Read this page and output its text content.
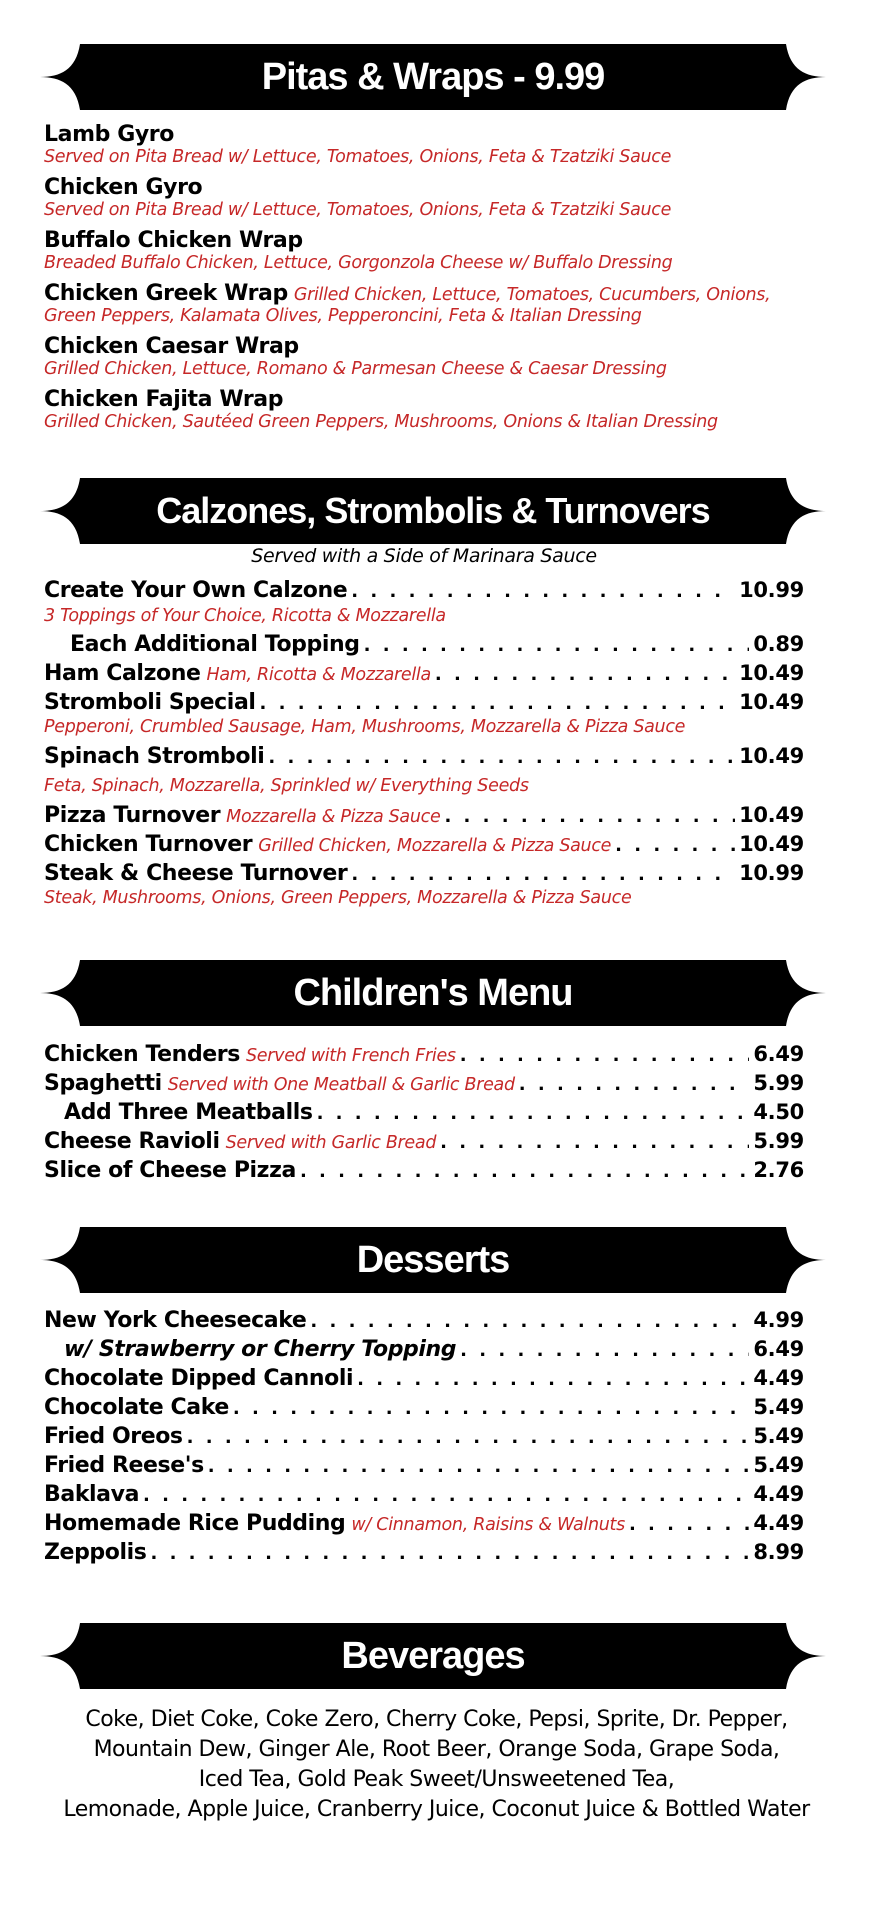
Pitas & Wraps - 9.99
Lamb Gyro
Served on Pita Bread w/ Lettuce, Tomatoes, Onions, Feta & Tzatziki Sauce
Chicken Gyro
Served on Pita Bread w/ Lettuce, Tomatoes, Onions, Feta & Tzatziki Sauce
Buffalo Chicken Wrap
Breaded Buffalo Chicken, Lettuce, Gorgonzola Cheese w/ Buffalo Dressing
Chicken Greek Wrap Grilled Chicken, Lettuce, Tomatoes, Cucumbers, Onions,
Green Peppers, Kalamata Olives, Pepperoncini, Feta & Italian Dressing
Chicken Caesar Wrap
Grilled Chicken, Lettuce, Romano & Parmesan Cheese & Caesar Dressing
Chicken Fajita Wrap
Grilled Chicken, Sautéed Green Peppers, Mushrooms, Onions & Italian Dressing
Calzones, Strombolis & Turnovers
Served with a Side of Marinara Sauce
Create Your Own Calzone . . .	10.99
3 Toppings of Your Choice, Ricotta & Mozzarella
Each Additional Topping . . .	0.89
Ham Calzone Ham, Ricotta & Mozzarella . . .	10.49
Stromboli Special . . .	10.49
Pepperoni, Crumbled Sausage, Ham, Mushrooms, Mozzarella & Pizza Sauce
Spinach Stromboli . . .	10.49
Feta, Spinach, Mozzarella, Sprinkled w/ Everything Seeds
Pizza Turnover Mozzarella & Pizza Sauce . . .	10.49
Chicken Turnover Grilled Chicken, Mozzarella & Pizza Sauce . . .	10.49
Steak & Cheese Turnover . . .	10.99
Steak, Mushrooms, Onions, Green Peppers, Mozzarella & Pizza Sauce
Children's Menu
Chicken Tenders Served with French Fries . . .	6.49
Spaghetti Served with One Meatball & Garlic Bread . . .	5.99
Add Three Meatballs . . .	4.50
Cheese Ravioli Served with Garlic Bread . . .	5.99
Slice of Cheese Pizza . . .	2.76
Desserts
New York Cheesecake . . .	4.99
w/ Strawberry or Cherry Topping . . .	6.49
Chocolate Dipped Cannoli . . .	4.49
Chocolate Cake . . .	5.49
Fried Oreos . . .	5.49
Fried Reese's . . .	5.49
Baklava . . .	4.49
Homemade Rice Pudding w/ Cinnamon, Raisins & Walnuts . . .	4.49
Zeppolis . . .	8.99
Beverages
Coke, Diet Coke, Coke Zero, Cherry Coke, Pepsi, Sprite, Dr. Pepper,
Mountain Dew, Ginger Ale, Root Beer, Orange Soda, Grape Soda,
Iced Tea, Gold Peak Sweet/Unsweetened Tea,
Lemonade, Apple Juice, Cranberry Juice, Coconut Juice & Bottled Water
